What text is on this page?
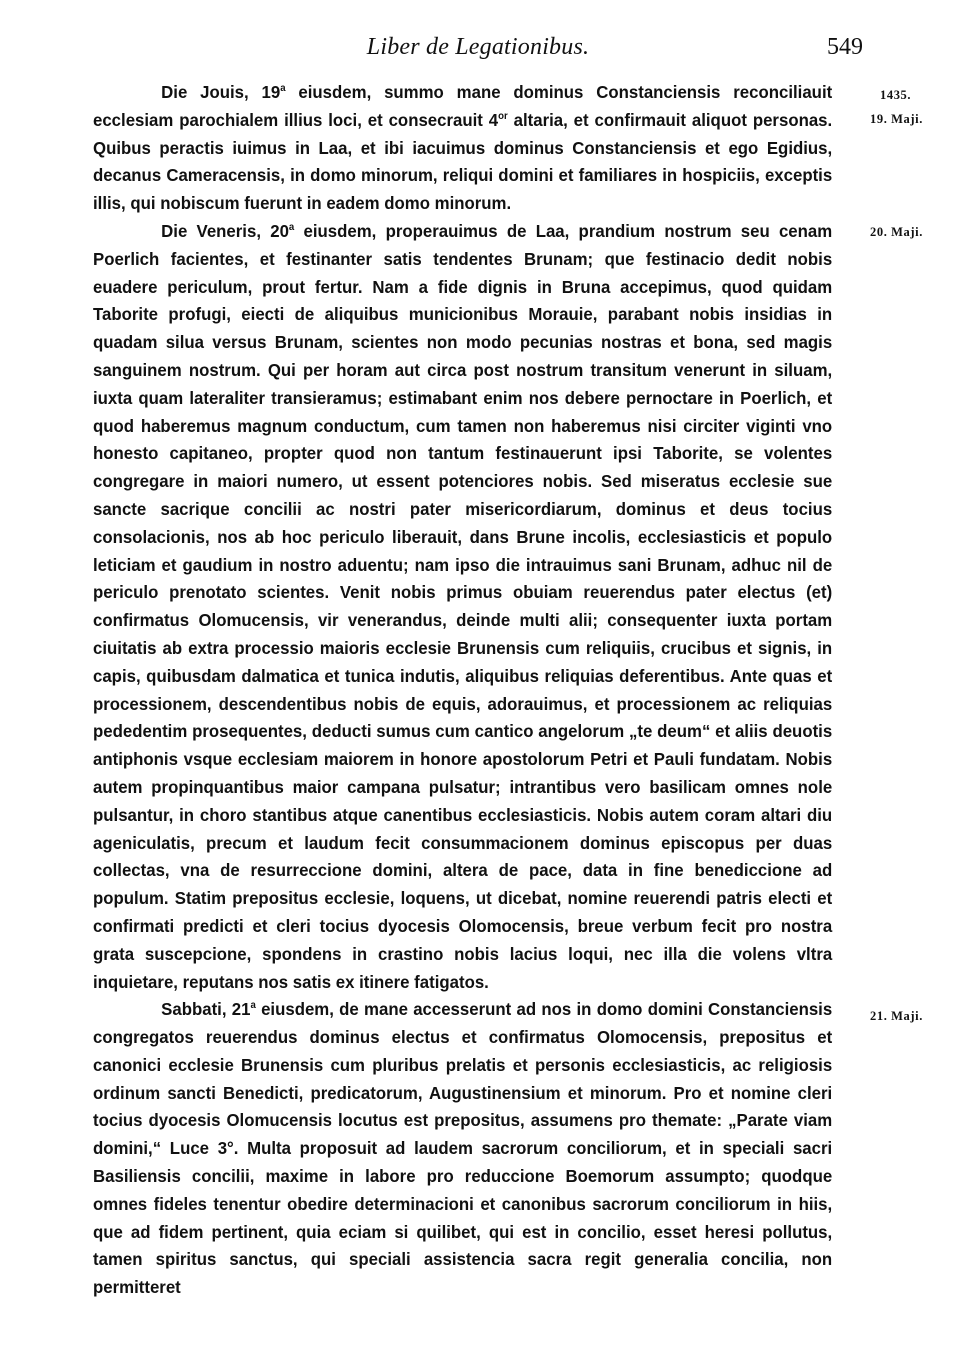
Liber de Legationibus.	549
1435.
19. Maji.
20. Maji.
21. Maji.

Die Jouis, 19$^a$ eiusdem, summo mane dominus Constanciensis reconciliauit ecclesiam parochialem illius loci, et consecrauit $4^{or}$ altaria, et confirmauit aliquot personas. Quibus peractis iuimus in Laa, et ibi iacuimus dominus Constanciensis et ego Egidius, decanus Cameracensis, in domo minorum, reliqui domini et familiares in hospiciis, exceptis illis, qui nobiscum fuerunt in eadem domo minorum.

Die Veneris, 20$^a$ eiusdem, properauimus de Laa, prandium nostrum seu cenam Poerlich facientes, et festinanter satis tendentes Brunam; que festinacio dedit nobis euadere periculum, prout fertur. Nam a fide dignis in Bruna accepimus, quod quidam Taborite profugi, eiecti de aliquibus municionibus Morauie, parabant nobis insidias in quadam silua versus Brunam, scientes non modo pecunias nostras et bona, sed magis sanguinem nostrum. Qui per horam aut circa post nostrum transitum venerunt in siluam, iuxta quam lateraliter transieramus; estimabant enim nos debere pernoctare in Poerlich, et quod haberemus magnum conductum, cum tamen non haberemus nisi circiter viginti vno honesto capitaneo, propter quod non tantum festinauerunt ipsi Taborite, se volentes congregare in maiori numero, ut essent potenciores nobis. Sed miseratus ecclesie sue sancte sacrique concilii ac nostri pater misericordiarum, dominus et deus tocius consolacionis, nos ab hoc periculo liberauit, dans Brune incolis, ecclesiasticis et populo leticiam et gaudium in nostro aduentu; nam ipso die intrauimus sani Brunam, adhuc nil de periculo prenotato scientes. Venit nobis primus obuiam reuerendus pater electus (et) confirmatus Olomucensis, vir venerandus, deinde multi alii; consequenter iuxta portam ciuitatis ab extra processio maioris ecclesie Brunensis cum reliquiis, crucibus et signis, in capis, quibusdam dalmatica et tunica indutis, aliquibus reliquias deferentibus. Ante quas et processionem, descendentibus nobis de equis, adorauimus, et processionem ac reliquias pededentim prosequentes, deducti sumus cum cantico angelorum „te deum“ et aliis deuotis antiphonis vsque ecclesiam maiorem in honore apostolorum Petri et Pauli fundatam. Nobis autem propinquantibus maior campana pulsatur; intrantibus vero basilicam omnes nole pulsantur, in choro stantibus atque canentibus ecclesiasticis. Nobis autem coram altari diu ageniculatis, precum et laudum fecit consummacionem dominus episcopus per duas collectas, vna de resurreccione domini, altera de pace, data in fine benediccione ad populum. Statim prepositus ecclesie, loquens, ut dicebat, nomine reuerendi patris electi et confirmati predicti et cleri tocius dyocesis Olomocensis, breue verbum fecit pro nostra grata suscepcione, spondens in crastino nobis lacius loqui, nec illa die volens vltra inquietare, reputans nos satis ex itinere fatigatos.

Sabbati, 21$^a$ eiusdem, de mane accesserunt ad nos in domo domini Constanciensis congregatos reuerendus dominus electus et confirmatus Olomocensis, prepositus et canonici ecclesie Brunensis cum pluribus prelatis et personis ecclesiasticis, ac religiosis ordinum sancti Benedicti, predicatorum, Augustinensium et minorum. Pro et nomine cleri tocius dyocesis Olomucensis locutus est prepositus, assumens pro themate: „Parate viam domini,“ Luce 3°. Multa proposuit ad laudem sacrorum conciliorum, et in speciali sacri Basiliensis concilii, maxime in labore pro reduccione Boemorum assumpto; quodque omnes fideles tenentur obedire determinacioni et canonibus sacrorum conciliorum in hiis, que ad fidem pertinent, quia eciam si quilibet, qui est in concilio, esset heresi pollutus, tamen spiritus sanctus, qui speciali assistencia sacra regit generalia concilia, non permitteret
